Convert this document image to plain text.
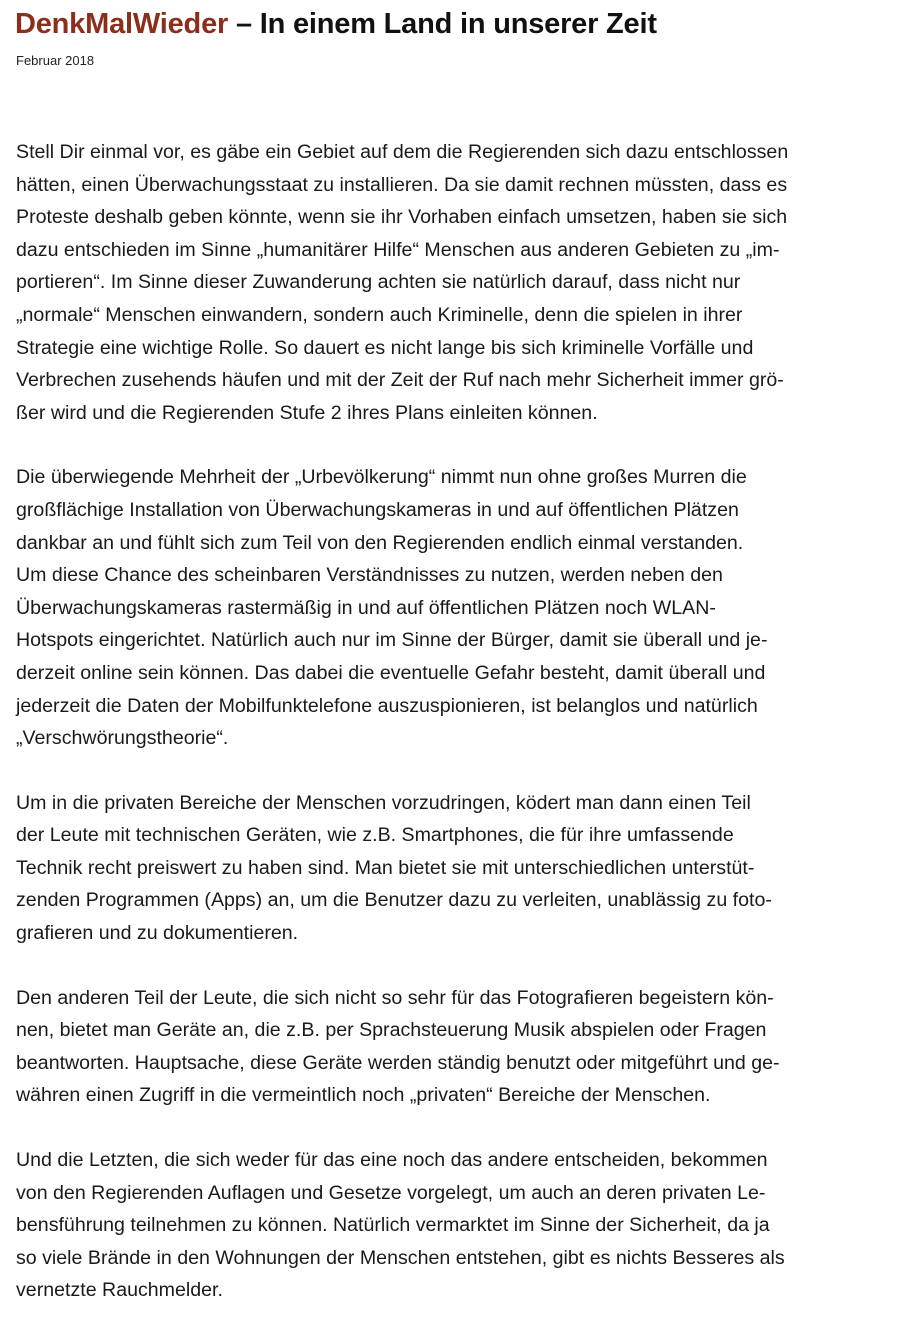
DenkMalWieder – In einem Land in unserer Zeit
Februar 2018

Stell Dir einmal vor, es gäbe ein Gebiet auf dem die Regierenden sich dazu entschlossen
hätten, einen Überwachungsstaat zu installieren. Da sie damit rechnen müssten, dass es
Proteste deshalb geben könnte, wenn sie ihr Vorhaben einfach umsetzen, haben sie sich
dazu entschieden im Sinne „humanitärer Hilfe“ Menschen aus anderen Gebieten zu „im-
portieren“. Im Sinne dieser Zuwanderung achten sie natürlich darauf, dass nicht nur
„normale“ Menschen einwandern, sondern auch Kriminelle, denn die spielen in ihrer
Strategie eine wichtige Rolle. So dauert es nicht lange bis sich kriminelle Vorfälle und
Verbrechen zusehends häufen und mit der Zeit der Ruf nach mehr Sicherheit immer grö-
ßer wird und die Regierenden Stufe 2 ihres Plans einleiten können.

Die überwiegende Mehrheit der „Urbevölkerung“ nimmt nun ohne großes Murren die
großflächige Installation von Überwachungskameras in und auf öffentlichen Plätzen
dankbar an und fühlt sich zum Teil von den Regierenden endlich einmal verstanden.
Um diese Chance des scheinbaren Verständnisses zu nutzen, werden neben den
Überwachungskameras rastermäßig in und auf öffentlichen Plätzen noch WLAN-
Hotspots eingerichtet. Natürlich auch nur im Sinne der Bürger, damit sie überall und je-
derzeit online sein können. Das dabei die eventuelle Gefahr besteht, damit überall und
jederzeit die Daten der Mobilfunktelefone auszuspionieren, ist belanglos und natürlich
„Verschwörungstheorie“.

Um in die privaten Bereiche der Menschen vorzudringen, ködert man dann einen Teil
der Leute mit technischen Geräten, wie z.B. Smartphones, die für ihre umfassende
Technik recht preiswert zu haben sind. Man bietet sie mit unterschiedlichen unterstüt-
zenden Programmen (Apps) an, um die Benutzer dazu zu verleiten, unablässig zu foto-
grafieren und zu dokumentieren.

Den anderen Teil der Leute, die sich nicht so sehr für das Fotografieren begeistern kön-
nen, bietet man Geräte an, die z.B. per Sprachsteuerung Musik abspielen oder Fragen
beantworten. Hauptsache, diese Geräte werden ständig benutzt oder mitgeführt und ge-
währen einen Zugriff in die vermeintlich noch „privaten“ Bereiche der Menschen.

Und die Letzten, die sich weder für das eine noch das andere entscheiden, bekommen
von den Regierenden Auflagen und Gesetze vorgelegt, um auch an deren privaten Le-
bensführung teilnehmen zu können. Natürlich vermarktet im Sinne der Sicherheit, da ja
so viele Brände in den Wohnungen der Menschen entstehen, gibt es nichts Besseres als
vernetzte Rauchmelder.
